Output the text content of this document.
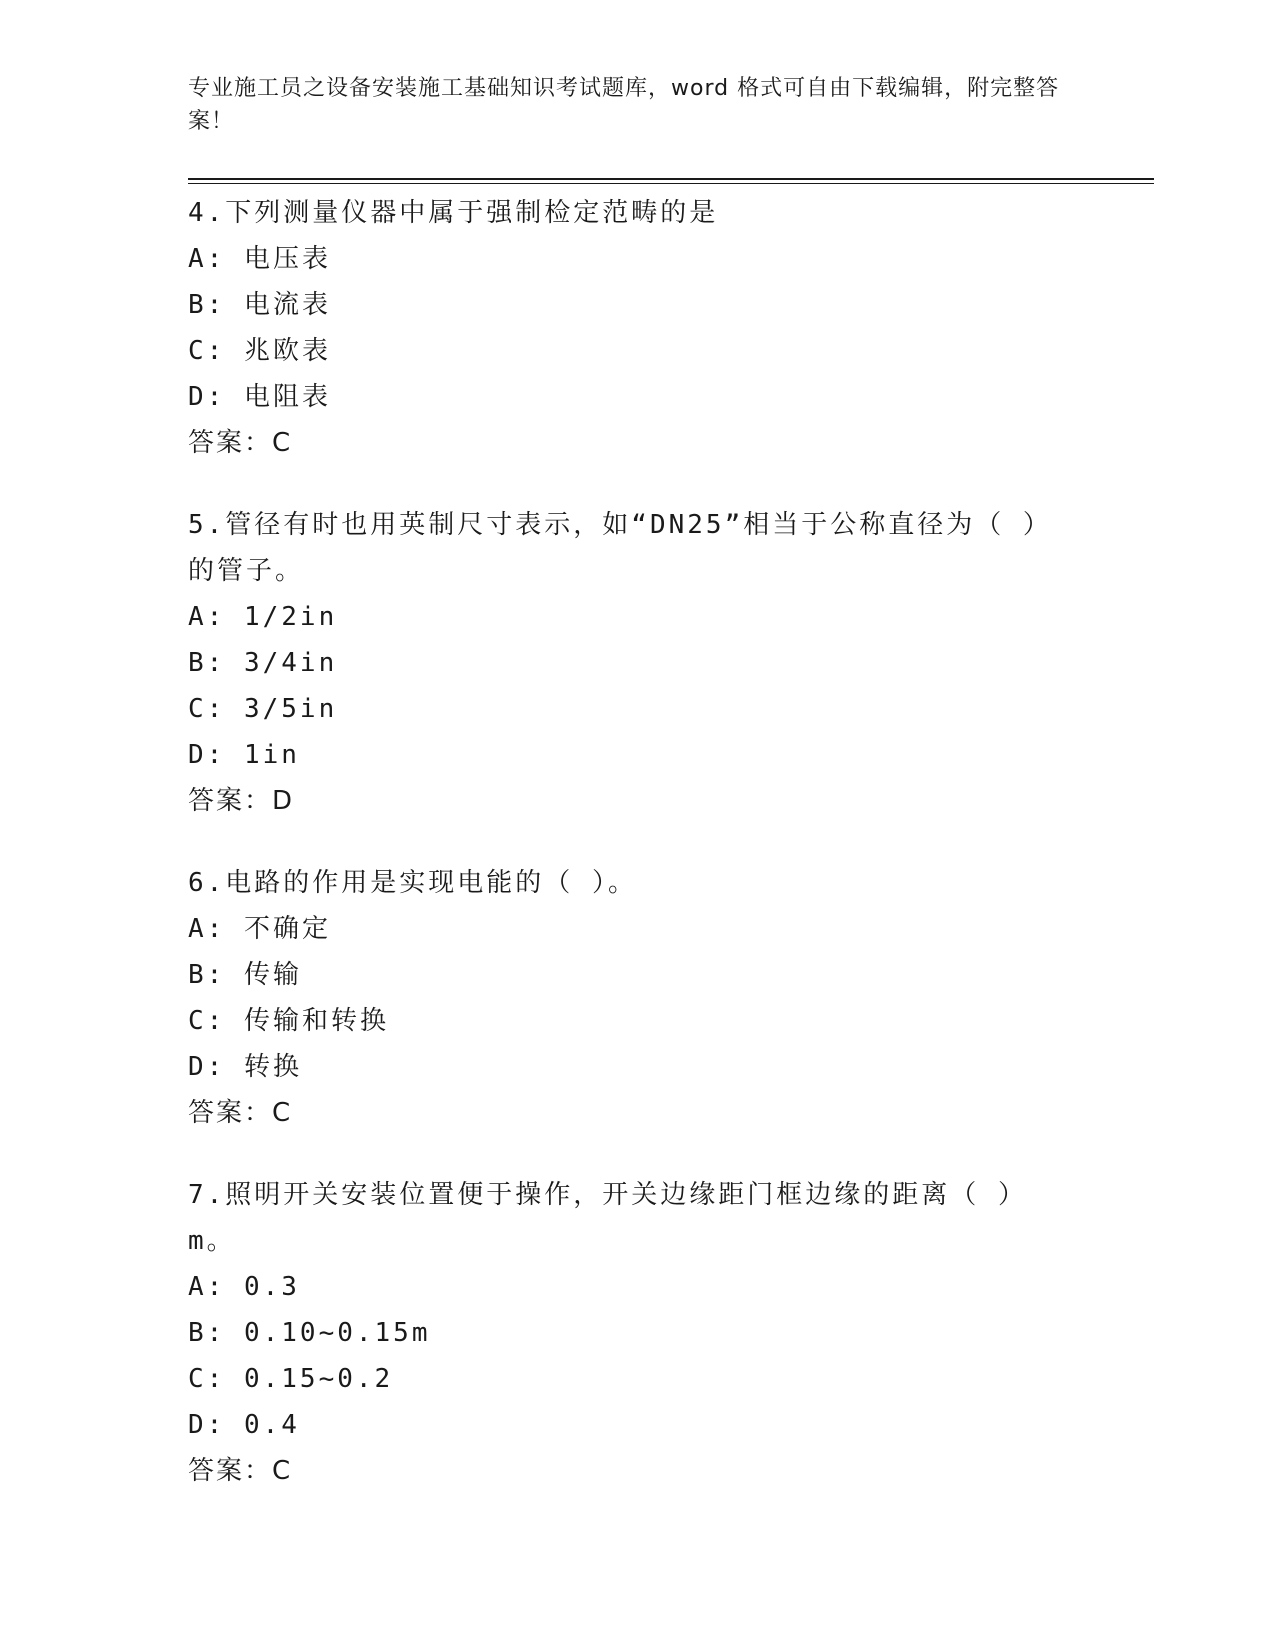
专业施工员之设备安装施工基础知识考试题库，word 格式可自由下载编辑，附完整答案！
4.下列测量仪器中属于强制检定范畴的是
A: 电压表
B: 电流表
C: 兆欧表
D: 电阻表
答案：C
5.管径有时也用英制尺寸表示，如“DN25”相当于公称直径为（ ）的管子。
A: 1/2in
B: 3/4in
C: 3/5in
D: 1in
答案：D
6.电路的作用是实现电能的（ ）。
A: 不确定
B: 传输
C: 传输和转换
D: 转换
答案：C
7.照明开关安装位置便于操作，开关边缘距门框边缘的距离（ ）m。
A: 0.3
B: 0.10~0.15m
C: 0.15~0.2
D: 0.4
答案：C
